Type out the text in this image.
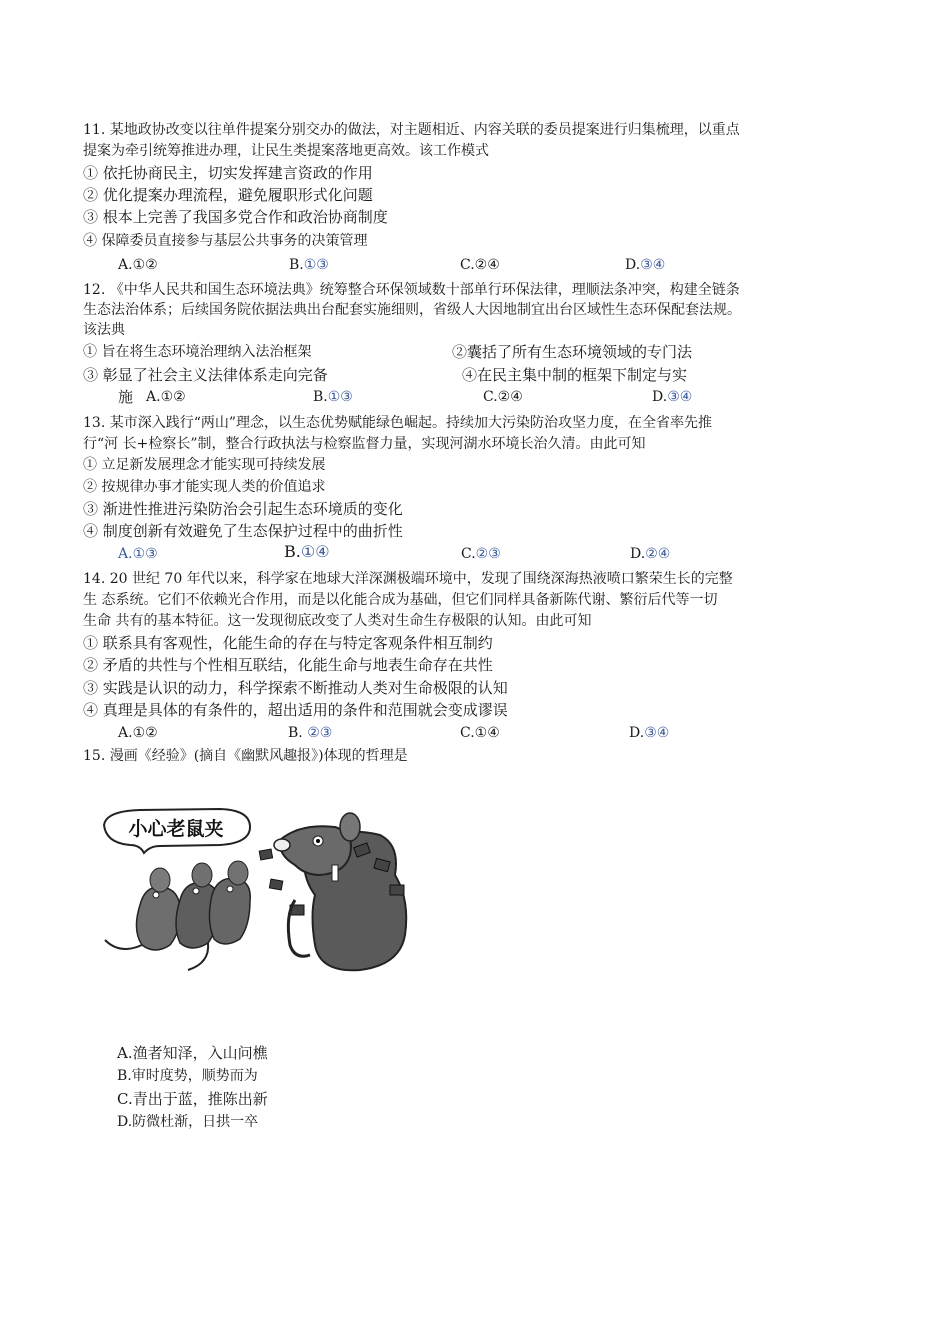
11. 某地政协改变以往单件提案分别交办的做法，对主题相近、内容关联的委员提案进行归集梳理，以重点
提案为牵引统筹推进办理，让民生类提案落地更高效。该工作模式
① 依托协商民主，切实发挥建言资政的作用
② 优化提案办理流程，避免履职形式化问题
③ 根本上完善了我国多党合作和政治协商制度
④ 保障委员直接参与基层公共事务的决策管理
A.①②	B.①③	C.②④	D.③④
12. 《中华人民共和国生态环境法典》统筹整合环保领域数十部单行环保法律，理顺法条冲突，构建全链条
生态法治体系；后续国务院依据法典出台配套实施细则，省级人大因地制宜出台区域性生态环保配套法规。
该法典
① 旨在将生态环境治理纳入法治框架	②囊括了所有生态环境领域的专门法
③ 彰显了社会主义法律体系走向完备	④在民主集中制的框架下制定与实
施 A.①②	B.①③	C.②④	D.③④
13. 某市深入践行“两山”理念，以生态优势赋能绿色崛起。持续加大污染防治攻坚力度，在全省率先推
行“河 长+检察长”制，整合行政执法与检察监督力量，实现河湖水环境长治久清。由此可知
① 立足新发展理念才能实现可持续发展
② 按规律办事才能实现人类的价值追求
③ 渐进性推进污染防治会引起生态环境质的变化
④ 制度创新有效避免了生态保护过程中的曲折性
A.①③	B.①④	C.②③	D.②④
14. 20 世纪 70 年代以来，科学家在地球大洋深渊极端环境中，发现了围绕深海热液喷口繁荣生长的完整
生 态系统。它们不依赖光合作用，而是以化能合成为基础，但它们同样具备新陈代谢、繁衍后代等一切
生命 共有的基本特征。这一发现彻底改变了人类对生命生存极限的认知。由此可知
① 联系具有客观性，化能生命的存在与特定客观条件相互制约
② 矛盾的共性与个性相互联结，化能生命与地表生命存在共性
③ 实践是认识的动力，科学探索不断推动人类对生命极限的认知
④ 真理是具体的有条件的，超出适用的条件和范围就会变成谬误
A.①②	B. ②③	C.①④	D.③④
15. 漫画《经验》(摘自《幽默风趣报》)体现的哲理是
小心老鼠夹
A.渔者知泽，入山问樵
B.审时度势，顺势而为
C.青出于蓝，推陈出新
D.防微杜渐，日拱一卒
